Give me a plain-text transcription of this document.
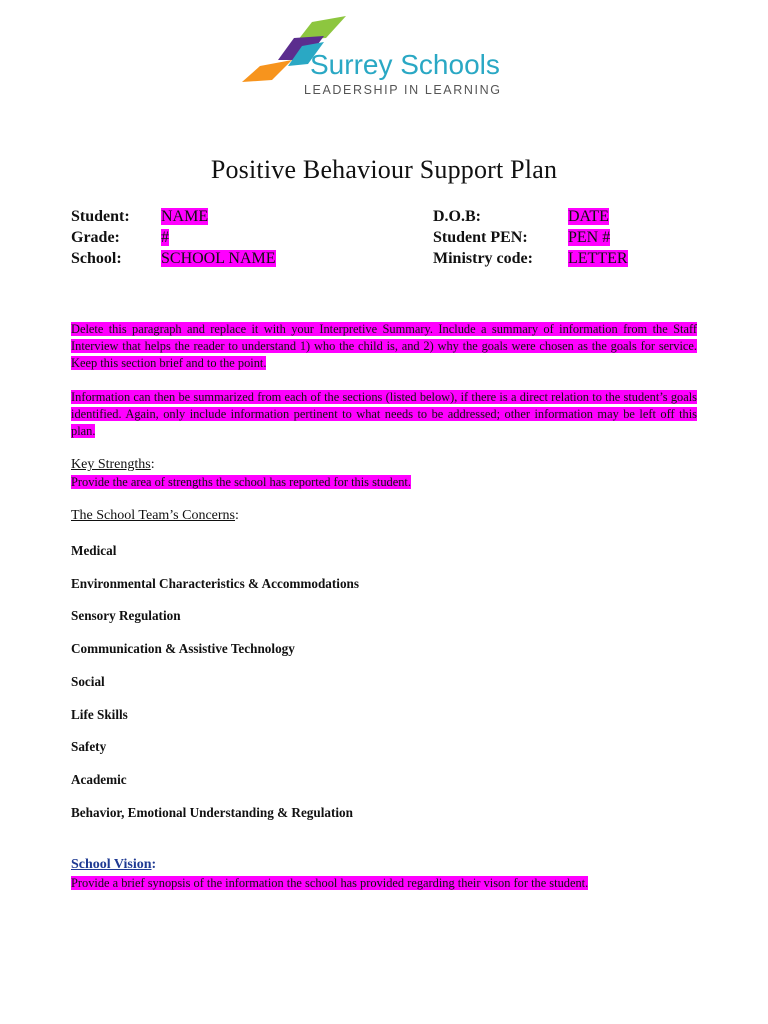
Surrey Schools
LEADERSHIP IN LEARNING
Positive Behaviour Support Plan
Student: NAME
Grade:	#
School: SCHOOL NAME
D.O.B:	DATE
Student PEN:	PEN #
Ministry code: LETTER

Delete this paragraph and replace it with your Interpretive Summary. Include a summary of information from the Staff Interview that helps the reader to understand 1) who the child is, and 2) why the goals were chosen as the goals for service. Keep this section brief and to the point.

Information can then be summarized from each of the sections (listed below), if there is a direct relation to the student’s goals identified. Again, only include information pertinent to what needs to be addressed; other information may be left off this plan.

Key Strengths:
Provide the area of strengths the school has reported for this student.
The School Team’s Concerns:
Medical
Environmental Characteristics & Accommodations
Sensory Regulation
Communication & Assistive Technology
Social
Life Skills
Safety
Academic
Behavior, Emotional Understanding & Regulation
School Vision:
Provide a brief synopsis of the information the school has provided regarding their vison for the student.
